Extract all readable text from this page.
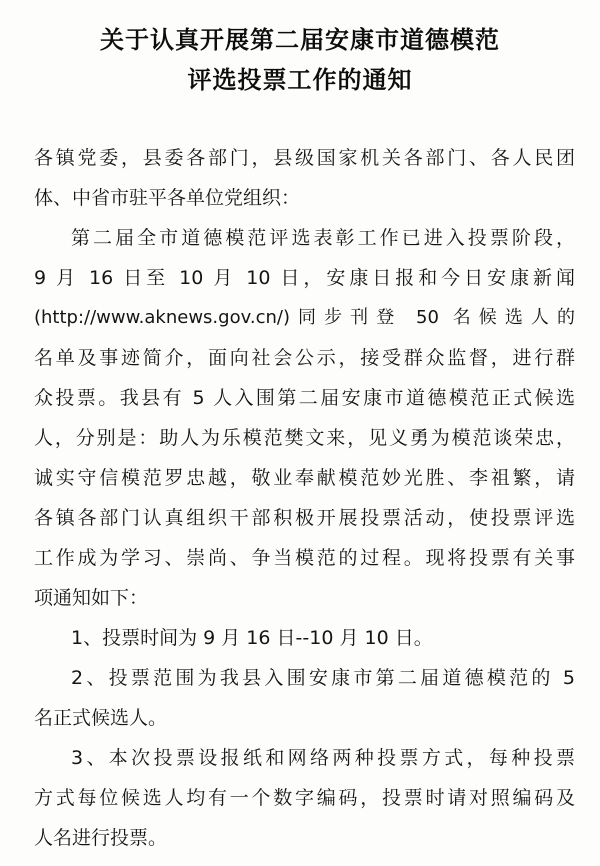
关于认真开展第二届安康市道德模范
评选投票工作的通知

各镇党委，县委各部门，县级国家机关各部门、各人民团

体、中省市驻平各单位党组织：

第二届全市道德模范评选表彰工作已进入投票阶段，

9 月 16 日至 10 月 10 日，安康日报和今日安康新闻

(http://www.aknews.gov.cn/)同步刊登 50 名候选人的

名单及事迹简介，面向社会公示，接受群众监督，进行群

众投票。我县有 5 人入围第二届安康市道德模范正式候选

人，分别是：助人为乐模范樊文来，见义勇为模范谈荣忠，

诚实守信模范罗忠越，敬业奉献模范妙光胜、李祖繁，请

各镇各部门认真组织干部积极开展投票活动，使投票评选

工作成为学习、崇尚、争当模范的过程。现将投票有关事

项通知如下：

1、投票时间为 9 月 16 日--10 月 10 日。

2、投票范围为我县入围安康市第二届道德模范的 5

名正式候选人。

3、本次投票设报纸和网络两种投票方式，每种投票

方式每位候选人均有一个数字编码，投票时请对照编码及

人名进行投票。
